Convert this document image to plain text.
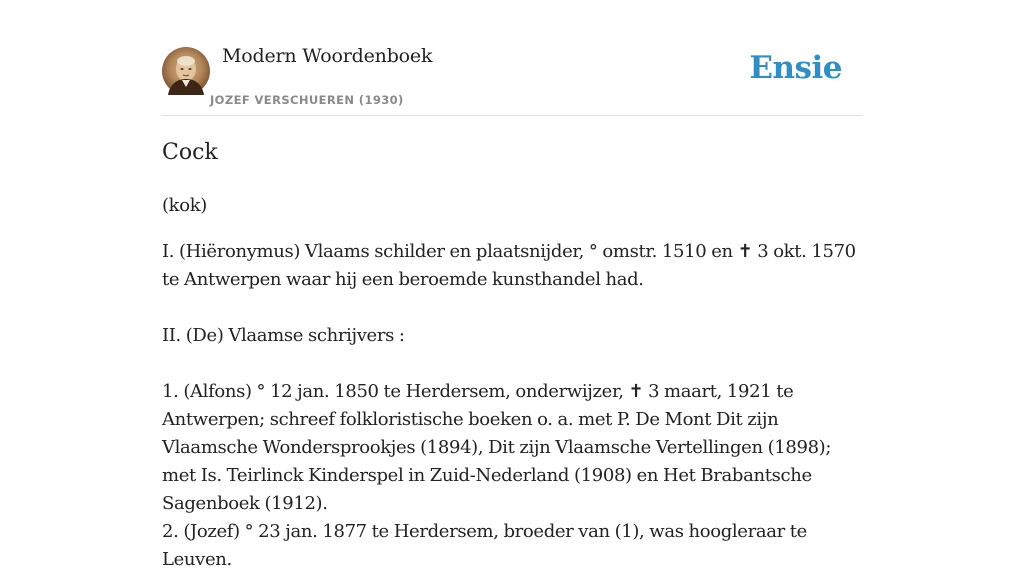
Modern Woordenboek
JOZEF VERSCHUEREN (1930)
Ensie
Cock
(kok)

I. (Hiëronymus) Vlaams schilder en plaatsnijder, ° omstr. 1510 en ✝ 3 okt. 1570 te Antwerpen waar hij een beroemde kunsthandel had.

II. (De) Vlaamse schrijvers :

1. (Alfons) ° 12 jan. 1850 te Herdersem, onderwijzer, ✝ 3 maart, 1921 te Antwerpen; schreef folkloristische boeken o. a. met P. De Mont Dit zijn Vlaamsche Wondersprookjes (1894), Dit zijn Vlaamsche Vertellingen (1898); met Is. Teirlinck Kinderspel in Zuid-Nederland (1908) en Het Brabantsche Sagenboek (1912).
2. (Jozef) ° 23 jan. 1877 te Herdersem, broeder van (1), was hoogleraar te Leuven.
